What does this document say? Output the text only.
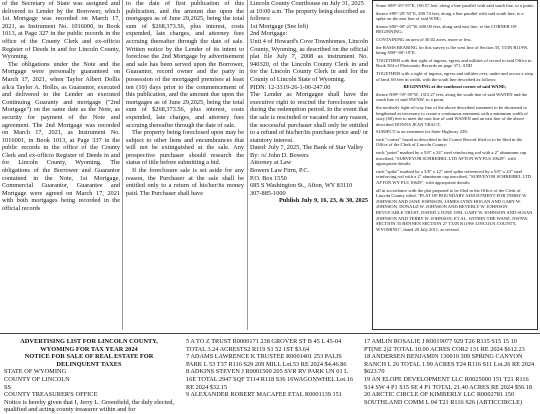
of the Secretary of State was assigned and delivered to Lender by the Borrower, which 1st Mortgage was recorded on March 17, 2021, as Instrument No. 1016000, in Book 1013, at Page 327 in the public records in the office of the County Clerk and ex-officio Register of Deeds in and for Lincoln County, Wyoming.

The obligations under the Note and the Mortgage were personally guaranteed on March 17, 2021, when Taylor Albert Dollis a/k/a Taylor A. Hollis, as Guarantor, executed and delivered to the Lender an executed Continuing Guaranty and mortgage ("2nd Mortgage") on the same date as the Note, as security for payment of the Note and agreement. The 2nd Mortgage was recorded on March 17, 2021, as Instrument No. 1016001, in Book 1013, at Page 337 in the public records in the office of the County Clerk and ex-officio Register of Deeds in and for Lincoln County, Wyoming. The obligations of the Borrower and Guarantor contained in the Note, 1st Mortgage, Commercial Guarantor, Guarantee and Mortgage were agreed on March 17, 2021 with both mortgages being recorded in the official records

to the date of first publication of this publication, and the amount due upon the mortgages as of June 29,2025, being the total sum of $268,373.56, plus interest, costs expended, late charges, and attorney fees accruing thereafter through the date of sale. Written notice by the Lender of its intent to foreclose the 2nd Mortgage by advertisement and sale has been served upon the Borrower, Guarantor, record owner and the party in possession of the mortgaged premises at least ten (10) days prior to the commencement of this publication, and the amount due upon the mortgages as of June 29,2025, being the total sum of $268,373.56, plus interest, costs expended, late charges, and attorney fees accruing thereafter through the date of sale.

The property being foreclosed upon may be subject to other liens and encumbrances that will not be extinguished at the sale. Any prospective purchaser should research the status of title before submitting a bid.

If the foreclosure sale is set aside for any reason, the Purchaser at the sale shall be entitled only to a return of his/her/its money paid. The Purchaser shall have

Lincoln County Courthouse on July 31, 2025 at 10:00 a.m. The property being described as follows:

1st Mortgage (See left)

2nd Mortgage:

Unit 4 of Howard's Cove Townhomes, Lincoln County, Wyoming, as described on the official plat file July 7, 2008 as instrument No. 940320, of the Lincoln County Clerk in and for the Lincoln County Clerk in and for the County of Lincoln State of Wyoming.

PIDN: 12-3319-26-1-00-247.00

The Lender as Mortgagee shall have the executive right to rescind the foreclosure sale during the redemption period. In the event that the sale is rescinded or vacated for any reason, the successful purchaser shall only be entitled to a refund of his/her/its purchase price and/ or statutory interest.

Dated: July 7, 2025, The Bank of Star Valley

By: /s/ John D. Bowers

Attorney at Law

Bowers Law Firm, P.C.

P.O. Box 1550

685 S Washington St., Afton, WY 83110

307-885-1000

Publish July 9, 16, 23, & 30, 2025

Some S89°-29'-55"E, 100.57 feet, along a line parallel with said south line, to a point;

thence S89°-29'-55"E, 209.74 feet, along a line parallel with said south line, to a spike on the east line of said WNE;

thence S00°-00'-21"W, 600.00 feet, along said east line, to the CORNER OF BEGINNING;

CONTAINING an area of 30.02 acres, more or less.

the BASIS BEARING for this survey is the west line of Section 35, T33N R119W, being N00°-00'-19"E.

TOGETHER with that right of ingress, egress and utilities of record to said Office in Book 584 of Photostatic Records on page 371, AND

TOGETHER with a right of ingress, egress and utilities over, under and across a strip of land, 60 feet in width, with the south line described as follows:

BEGINNING at the southeast corner of said WANE;

thence N89°-59'-39"W, 1315.27 feet, along the south line of said WANEN and the south line of said NWNW, to a point,

the northerly right-of-way line of the above described easement to be shortened or lengthened as necessary to create a continuous easement with a minimum width of sixty (60) feet to meet the east line of said WANEN and an east line of the above described DONNA JEAN TRACT;

SUBJECT to an easement for State Highway 238;

each "corner" found as described in the Corner Record filed or to be filed in the Office of the Clerk of Lincoln County;

each "point" marked by a 5/8" x 24" steel reinforcing rod with a 2" aluminum cap inscribed, "SURVEYOR SCHREIBEL LTD AFTON WY PLS 10629", with appropriate details;

each "spike" marked by a 3/8" x 12" steel spike referenced by a 5/8" x 24" steel reinforcing rod with a 2" aluminum cap inscribed, "SURVEYOR SCHREIBEL LTD AFTON WY PLS 10629", with appropriate details;

all in accordance with the plat prepared to be filed in the Office of the Clerk of Lincoln County titled, "PLAT OF BOUNDARY ADJUSTMENT FOR TERRY W. JOHNSON AND JANE JOHNSON, JAMES LYNN HOGAN AND GARY W. JOHNSON, DONALD W. JOHNSON AND BEVERLY W. JOHNSON REVOCABLE TRUST, DATED 2 JUNE 1994, GARY W. JOHNSON AND SUSAN JOHNSON AND TERRY W. JOHNSON, ET AL. WITHIN THE WANE, NWNW, SECTION 35 BENNEN SECTION 27 T33N R119W LINCOLN COUNTY, WYOMING", dated 20 July 2011, as revised.

ADVERTISING LIST FOR LINCOLN COUNTY,
WYOMING FOR TAX YEAR 2024
NOTICE FOR SALE OF REAL ESTATE FOR
DELINQUENT TAXES
STATE OF WYOMING
COUNTY OF LINCOLN
SS
COUNTY TREASURER'S OFFICE
Notice is hereby given that I, Jerry L. Greenfield, the duly elected, qualified and acting county treasurer within and for
5 A TO Z TRUST R0000171 238 GROVER ST B 45 L 45-04 TOTAL 3.24 ACRESTS2 R119 S1 52 1ST $3.64
7 ADAMS LAWRENCE K TRUSTEE R0001401 253 PALIS PARK L 53 T37 R116 S29 209 MILL Lot.53 RE 2024 $4.46.86
8 ADKINS STEVEN J R0001500 205 SVR RV PARK UN 01 L 16E TOTAL 2947 SQF T114 R118 S36 16WAGONWHEL Lot.16 RE 2024 $32.15
9 ALEXANDER ROBERT MACAFEE ETAL R0001139 151
17 AMLIN ROSALIE J R0019077 929 T26 R115 S15 15 10 PT(NE 2)2 TOTAL 10.00 ACRES COR2 131 RE 2024 $612.23
18 ANDERSEN BENJAMIN 130010 309 SPRING CANYON RANCH L 26 TOTAL 1.99 ACRES T24 R116 S11 Lot.26 RE 2024 $623.70
19 AN ELOPE DEVELOPMENT LLC R0025000 151 T21 R116 S14 SW 4 P1 S15 SE 4 P1 TOTAL 21.40 ACRES RE 2024 $56.18
20 ARCTIC CIRCLE OF KIMBERLY LLC R0002781 150 SOUTHLAND COMM L 04 T21 R116 S26 (ABTICCIRCLE)
